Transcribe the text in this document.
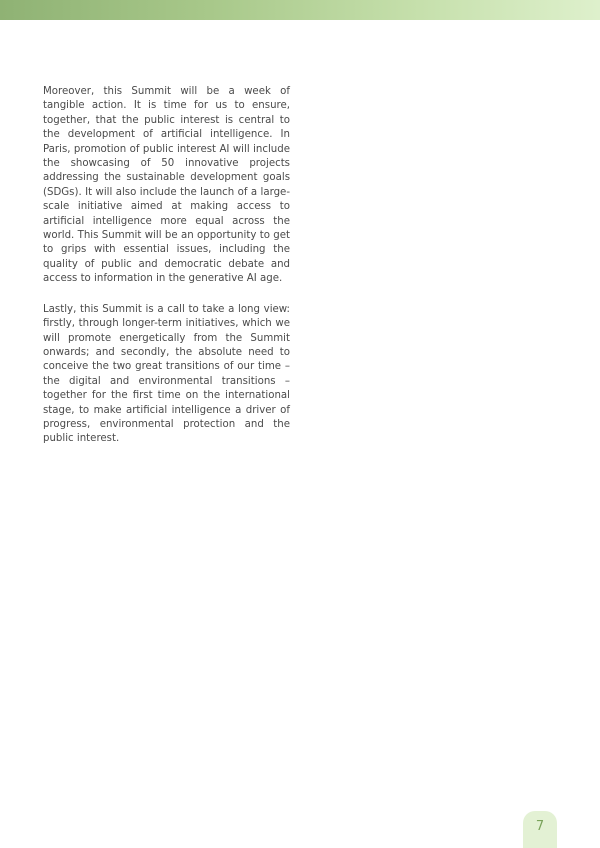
Moreover, this Summit will be a week of tangible action. It is time for us to ensure, together, that the public interest is central to the development of artificial intelligence. In Paris, promotion of public interest AI will include the showcasing of 50 innovative projects addressing the sustainable development goals (SDGs). It will also include the launch of a large-scale initiative aimed at making access to artificial intelligence more equal across the world. This Summit will be an opportunity to get to grips with essential issues, including the quality of public and democratic debate and access to information in the generative AI age.

Lastly, this Summit is a call to take a long view: firstly, through longer-term initiatives, which we will promote energetically from the Summit onwards; and secondly, the absolute need to conceive the two great transitions of our time – the digital and environmental transitions – together for the first time on the international stage, to make artificial intelligence a driver of progress, environmental protection and the public interest.

7
